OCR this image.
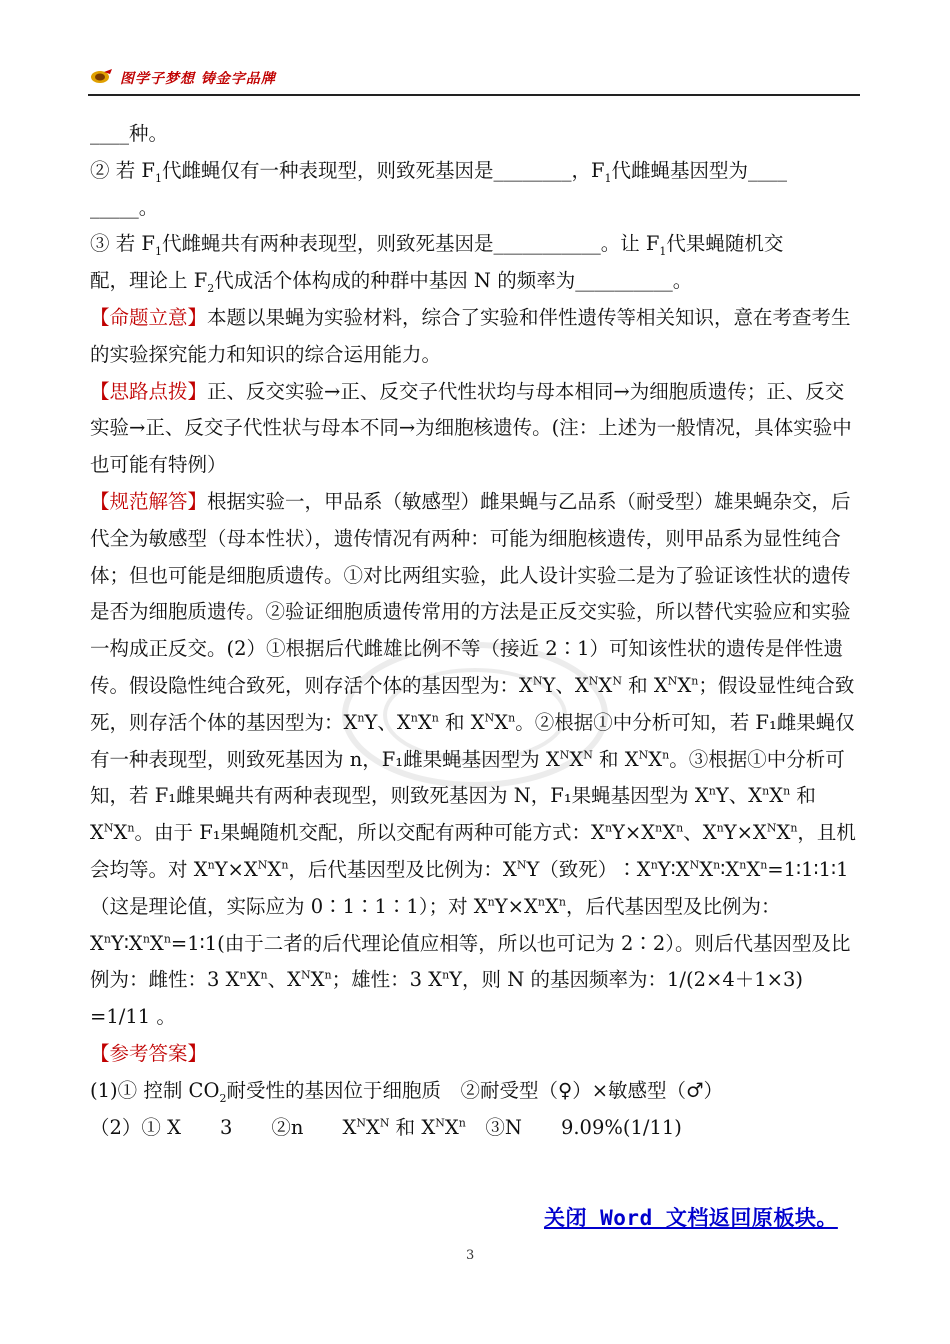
图学子梦想 铸金字品牌

____种。

② 若 $F_1$代雌蝇仅有一种表现型，则致死基因是________，$F_1$代雌蝇基因型为____

_____。

③ 若 $F_1$代雌蝇共有两种表现型，则致死基因是___________。让 $F_1$代果蝇随机交

配，理论上 $F_2$代成活个体构成的种群中基因 N 的频率为__________。

【命题立意】本题以果蝇为实验材料，综合了实验和伴性遗传等相关知识，意在考查考生的实验探究能力和知识的综合运用能力。

【思路点拨】正、反交实验→正、反交子代性状均与母本相同→为细胞质遗传；正、反交实验→正、反交子代性状与母本不同→为细胞核遗传。(注：上述为一般情况，具体实验中也可能有特例）

【规范解答】根据实验一，甲品系（敏感型）雌果蝇与乙品系（耐受型）雄果蝇杂交，后代全为敏感型（母本性状），遗传情况有两种：可能为细胞核遗传，则甲品系为显性纯合体；但也可能是细胞质遗传。①对比两组实验，此人设计实验二是为了验证该性状的遗传是否为细胞质遗传。②验证细胞质遗传常用的方法是正反交实验，所以替代实验应和实验一构成正反交。(2）①根据后代雌雄比例不等（接近 2∶1）可知该性状的遗传是伴性遗传。假设隐性纯合致死，则存活个体的基因型为：$X^NY$、$X^NX^N$ 和 $X^NX^n$；假设显性纯合致死，则存活个体的基因型为：$X^nY$、$X^nX^n$ 和 $X^NX^n$。②根据①中分析可知，若 F₁雌果蝇仅有一种表现型，则致死基因为 n，F₁雌果蝇基因型为 $X^NX^N$ 和 $X^NX^n$。③根据①中分析可知，若 F₁雌果蝇共有两种表现型，则致死基因为 N，F₁果蝇基因型为 $X^nY$、$X^nX^n$ 和 $X^NX^n$。由于 F₁果蝇随机交配，所以交配有两种可能方式：$X^nY\times X^nX^n$、$X^nY\times X^NX^n$，且机会均等。对 $X^nY\times X^NX^n$，后代基因型及比例为：$X^NY$（致死）$∶X^nY∶X^NX^n∶X^nX^n=1∶1∶1∶1$（这是理论值，实际应为 0∶1∶1∶1）；对 $X^nY\times X^nX^n$，后代基因型及比例为：$X^nY∶X^nX^n=1∶1$(由于二者的后代理论值应相等，所以也可记为 2∶2）。则后代基因型及比例为：雌性：3 $X^nX^n$、$X^NX^n$；雄性：3 $X^nY$，则 N 的基因频率为：1/(2×4＋1×3) =1/11 。

【参考答案】

(1)① 控制 $CO_2$耐受性的基因位于细胞质　②耐受型（♀）×敏感型（♂）

（2）① X　　3　　②n　　$X^NX^N$ 和 $X^NX^n$　 ③N　　9.09%(1/11)

关闭 Word 文档返回原板块。
3
